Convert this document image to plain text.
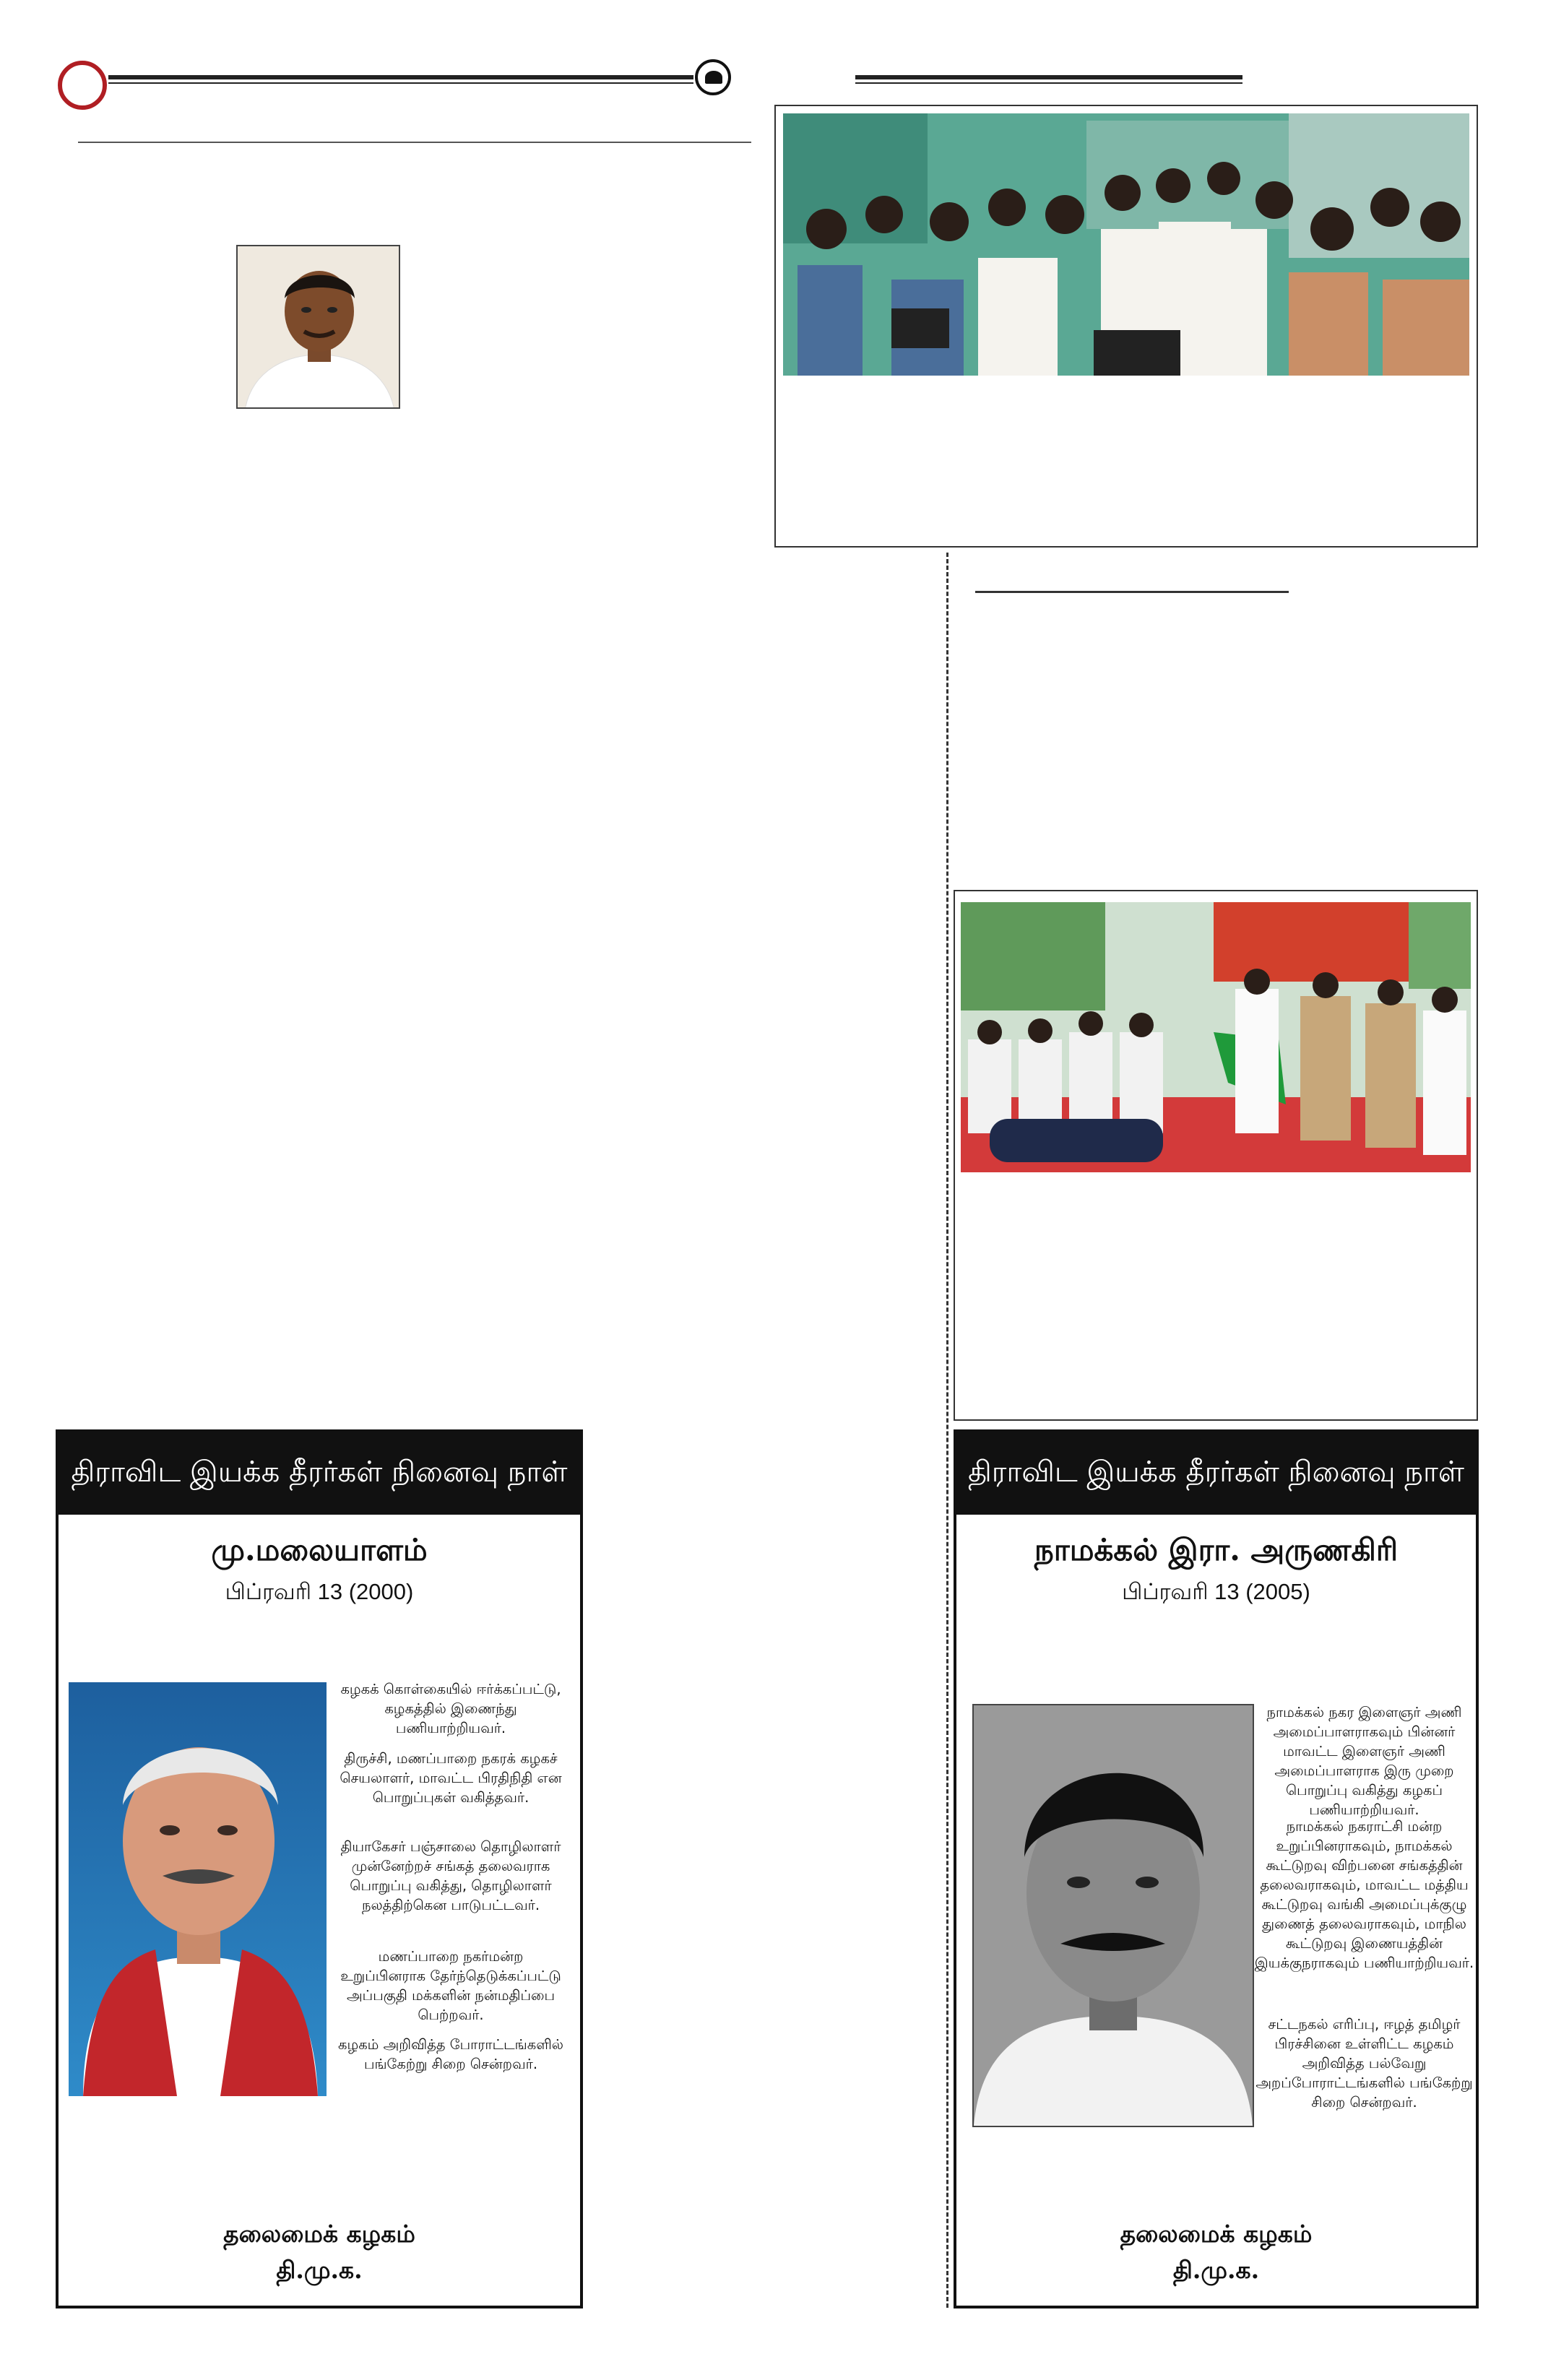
திராவிட இயக்க தீரர்கள் நினைவு நாள்
மு.மலையாளம்
பிப்ரவரி 13 (2000)
கழகக் கொள்கையில் ஈர்க்கப்பட்டு, கழகத்தில் இணைந்து பணியாற்றியவர்.
திருச்சி, மணப்பாறை நகரக் கழகச் செயலாளர், மாவட்ட பிரதிநிதி என பொறுப்புகள் வகித்தவர்.
தியாகேசர் பஞ்சாலை தொழிலாளர் முன்னேற்றச் சங்கத் தலைவராக பொறுப்பு வகித்து, தொழிலாளர் நலத்திற்கென பாடுபட்டவர்.
மணப்பாறை நகர்மன்ற உறுப்பினராக தேர்ந்தெடுக்கப்பட்டு அப்பகுதி மக்களின் நன்மதிப்பை பெற்றவர்.
கழகம் அறிவித்த போராட்டங்களில் பங்கேற்று சிறை சென்றவர்.
தலைமைக் கழகம்
தி.மு.க.
திராவிட இயக்க தீரர்கள் நினைவு நாள்
நாமக்கல் இரா. அருணகிரி
பிப்ரவரி 13 (2005)
நாமக்கல் நகர இளைஞர் அணி அமைப்பாளராகவும் பின்னர் மாவட்ட இளைஞர் அணி அமைப்பாளராக இரு முறை பொறுப்பு வகித்து கழகப் பணியாற்றியவர்.
நாமக்கல் நகராட்சி மன்ற உறுப்பினராகவும், நாமக்கல் கூட்டுறவு விற்பனை சங்கத்தின் தலைவராகவும், மாவட்ட மத்திய கூட்டுறவு வங்கி அமைப்புக்குழு துணைத் தலைவராகவும், மாநில கூட்டுறவு இணையத்தின் இயக்குநராகவும் பணியாற்றியவர்.
சட்டநகல் எரிப்பு, ஈழத் தமிழர் பிரச்சினை உள்ளிட்ட கழகம் அறிவித்த பல்வேறு அறப்போராட்டங்களில் பங்கேற்று சிறை சென்றவர்.
தலைமைக் கழகம்
தி.மு.க.
